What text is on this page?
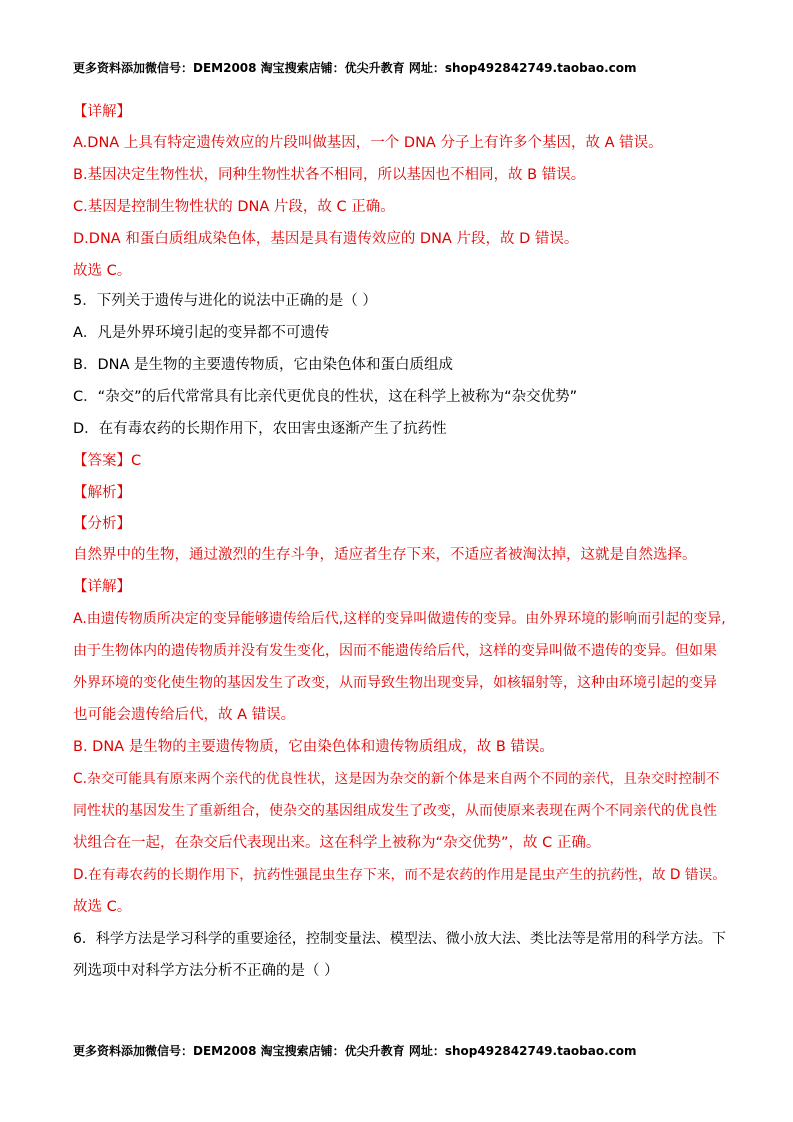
更多资料添加微信号：DEM2008 淘宝搜索店铺：优尖升教育 网址：shop492842749.taobao.com
【详解】
A.DNA 上具有特定遗传效应的片段叫做基因，一个 DNA 分子上有许多个基因，故 A 错误。
B.基因决定生物性状，同种生物性状各不相同，所以基因也不相同，故 B 错误。
C.基因是控制生物性状的 DNA 片段，故 C 正确。
D.DNA 和蛋白质组成染色体，基因是具有遗传效应的 DNA 片段，故 D 错误。
故选 C。
5．下列关于遗传与进化的说法中正确的是（ ）
A．凡是外界环境引起的变异都不可遗传
B．DNA 是生物的主要遗传物质，它由染色体和蛋白质组成
C．“杂交”的后代常常具有比亲代更优良的性状，这在科学上被称为“杂交优势”
D．在有毒农药的长期作用下，农田害虫逐渐产生了抗药性
【答案】C
【解析】
【分析】
自然界中的生物，通过激烈的生存斗争，适应者生存下来，不适应者被淘汰掉，这就是自然选择。
【详解】
A.由遗传物质所决定的变异能够遗传给后代,这样的变异叫做遗传的变异。由外界环境的影响而引起的变异,
由于生物体内的遗传物质并没有发生变化，因而不能遗传给后代，这样的变异叫做不遗传的变异。但如果
外界环境的变化使生物的基因发生了改变，从而导致生物出现变异，如核辐射等，这种由环境引起的变异
也可能会遗传给后代，故 A 错误。
B. DNA 是生物的主要遗传物质，它由染色体和遗传物质组成，故 B 错误。
C.杂交可能具有原来两个亲代的优良性状，这是因为杂交的新个体是来自两个不同的亲代，且杂交时控制不
同性状的基因发生了重新组合，使杂交的基因组成发生了改变，从而使原来表现在两个不同亲代的优良性
状组合在一起，在杂交后代表现出来。这在科学上被称为“杂交优势”，故 C 正确。
D.在有毒农药的长期作用下，抗药性强昆虫生存下来，而不是农药的作用是昆虫产生的抗药性，故 D 错误。
故选 C。
6．科学方法是学习科学的重要途径，控制变量法、模型法、微小放大法、类比法等是常用的科学方法。下
列选项中对科学方法分析不正确的是（ ）
更多资料添加微信号：DEM2008 淘宝搜索店铺：优尖升教育 网址：shop492842749.taobao.com
